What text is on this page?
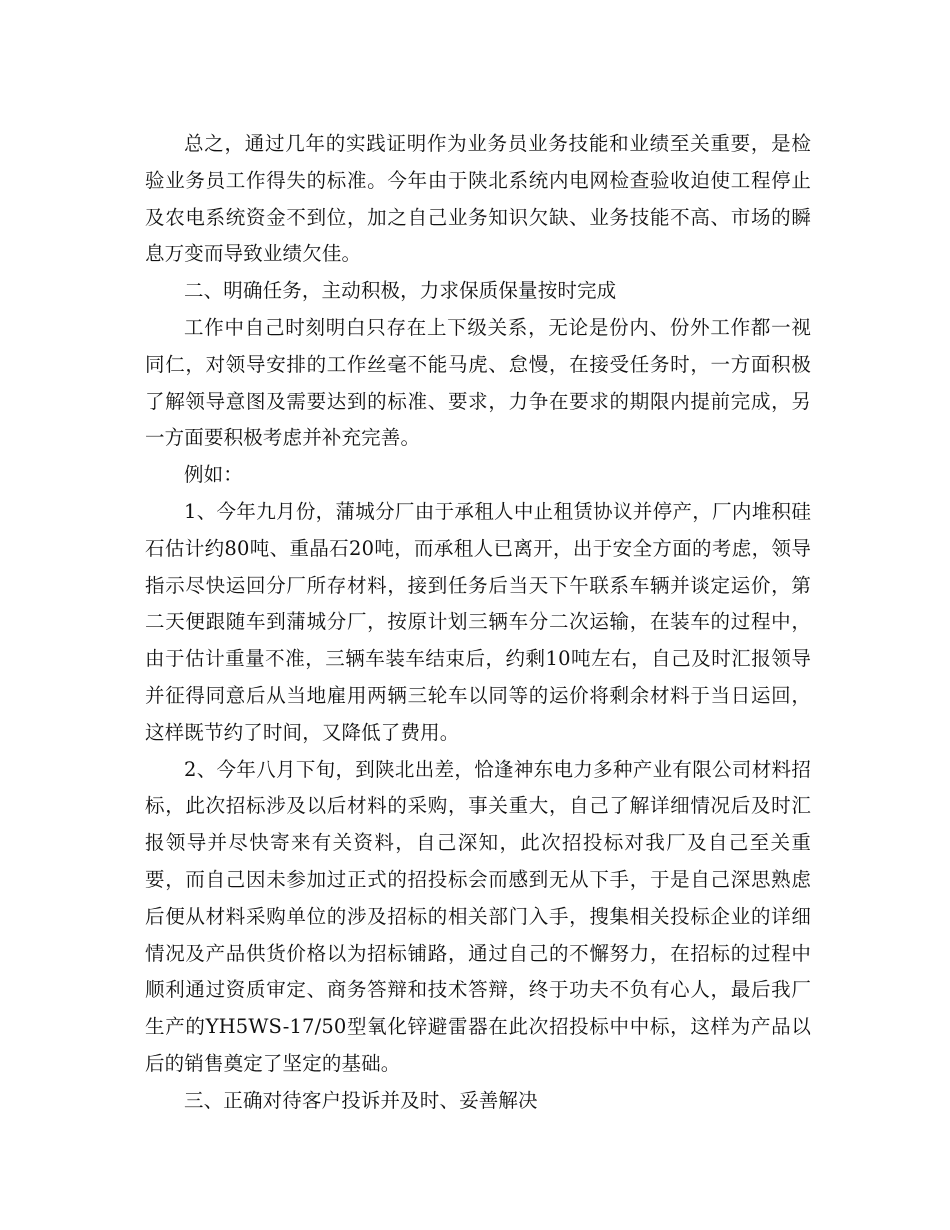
总之，通过几年的实践证明作为业务员业务技能和业绩至关重要，是检验业务员工作得失的标准。今年由于陕北系统内电网检查验收迫使工程停止及农电系统资金不到位，加之自己业务知识欠缺、业务技能不高、市场的瞬息万变而导致业绩欠佳。

二、明确任务，主动积极，力求保质保量按时完成

工作中自己时刻明白只存在上下级关系，无论是份内、份外工作都一视同仁，对领导安排的工作丝毫不能马虎、怠慢，在接受任务时，一方面积极了解领导意图及需要达到的标准、要求，力争在要求的期限内提前完成，另一方面要积极考虑并补充完善。

例如：

1、今年九月份，蒲城分厂由于承租人中止租赁协议并停产，厂内堆积硅石估计约80吨、重晶石20吨，而承租人已离开，出于安全方面的考虑，领导指示尽快运回分厂所存材料，接到任务后当天下午联系车辆并谈定运价，第二天便跟随车到蒲城分厂，按原计划三辆车分二次运输，在装车的过程中，由于估计重量不准，三辆车装车结束后，约剩10吨左右，自己及时汇报领导并征得同意后从当地雇用两辆三轮车以同等的运价将剩余材料于当日运回，这样既节约了时间，又降低了费用。

2、今年八月下旬，到陕北出差，恰逢神东电力多种产业有限公司材料招标，此次招标涉及以后材料的采购，事关重大，自己了解详细情况后及时汇报领导并尽快寄来有关资料，自己深知，此次招投标对我厂及自己至关重要，而自己因未参加过正式的招投标会而感到无从下手，于是自己深思熟虑后便从材料采购单位的涉及招标的相关部门入手，搜集相关投标企业的详细情况及产品供货价格以为招标铺路，通过自己的不懈努力，在招标的过程中顺利通过资质审定、商务答辩和技术答辩，终于功夫不负有心人，最后我厂生产的YH5WS-17/50型氧化锌避雷器在此次招投标中中标，这样为产品以后的销售奠定了坚定的基础。

三、正确对待客户投诉并及时、妥善解决
